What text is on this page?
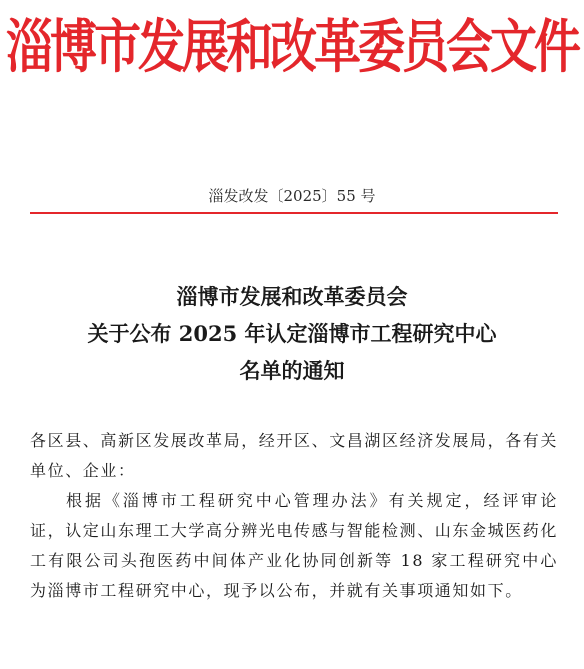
淄博市发展和改革委员会文件
淄发改发〔2025〕55 号
淄博市发展和改革委员会
关于公布 2025 年认定淄博市工程研究中心
名单的通知

各区县、高新区发展改革局，经开区、文昌湖区经济发展局，各有关单位、企业：

根据《淄博市工程研究中心管理办法》有关规定，经评审论证，认定山东理工大学高分辨光电传感与智能检测、山东金城医药化工有限公司头孢医药中间体产业化协同创新等 18 家工程研究中心为淄博市工程研究中心，现予以公布，并就有关事项通知如下。
